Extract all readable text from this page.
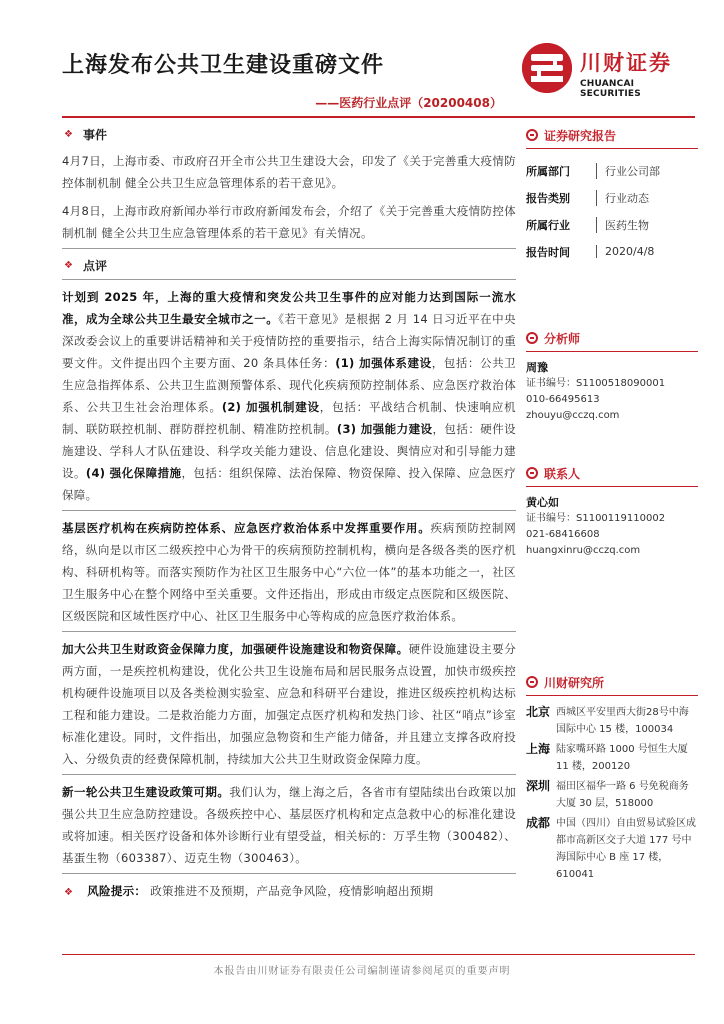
上海发布公共卫生建设重磅文件
——医药行业点评（20200408）
川财证券
CHUANCAI SECURITIES
❖ 事件
4月7日，上海市委、市政府召开全市公共卫生建设大会，印发了《关于完善重大疫情防控体制机制 健全公共卫生应急管理体系的若干意见》。
4月8日，上海市政府新闻办举行市政府新闻发布会，介绍了《关于完善重大疫情防控体制机制 健全公共卫生应急管理体系的若干意见》有关情况。
❖ 点评
计划到 2025 年，上海的重大疫情和突发公共卫生事件的应对能力达到国际一流水准，成为全球公共卫生最安全城市之一。《若干意见》是根据 2 月 14 日习近平在中央深改委会议上的重要讲话精神和关于疫情防控的重要指示，结合上海实际情况制订的重要文件。文件提出四个主要方面、20 条具体任务：(1) 加强体系建设，包括：公共卫生应急指挥体系、公共卫生监测预警体系、现代化疾病预防控制体系、应急医疗救治体系、公共卫生社会治理体系。(2) 加强机制建设，包括：平战结合机制、快速响应机制、联防联控机制、群防群控机制、精准防控机制。(3) 加强能力建设，包括：硬件设施建设、学科人才队伍建设、科学攻关能力建设、信息化建设、舆情应对和引导能力建设。(4) 强化保障措施，包括：组织保障、法治保障、物资保障、投入保障、应急医疗保障。
基层医疗机构在疾病防控体系、应急医疗救治体系中发挥重要作用。疾病预防控制网络，纵向是以市区二级疾控中心为骨干的疾病预防控制机构，横向是各级各类的医疗机构、科研机构等。而落实预防作为社区卫生服务中心“六位一体”的基本功能之一，社区卫生服务中心在整个网络中至关重要。文件还指出，形成由市级定点医院和区级医院、区级医院和区域性医疗中心、社区卫生服务中心等构成的应急医疗救治体系。
加大公共卫生财政资金保障力度，加强硬件设施建设和物资保障。硬件设施建设主要分两方面，一是疾控机构建设，优化公共卫生设施布局和居民服务点设置，加快市级疾控机构硬件设施项目以及各类检测实验室、应急和科研平台建设，推进区级疾控机构达标工程和能力建设。二是救治能力方面，加强定点医疗机构和发热门诊、社区“哨点”诊室标准化建设。同时，文件指出，加强应急物资和生产能力储备，并且建立支撑各政府投入、分级负责的经费保障机制，持续加大公共卫生财政资金保障力度。
新一轮公共卫生建设政策可期。我们认为，继上海之后，各省市有望陆续出台政策以加强公共卫生应急防控建设。各级疾控中心、基层医疗机构和定点急救中心的标准化建设或将加速。相关医疗设备和体外诊断行业有望受益，相关标的：万孚生物（300482）、基蛋生物（603387）、迈克生物（300463）。
❖ 风险提示： 政策推进不及预期，产品竞争风险，疫情影响超出预期
证券研究报告
所属部门	行业公司部
报告类别	行业动态
所属行业	医药生物
报告时间	2020/4/8
分析师
周豫
证书编号：S1100518090001
010-66495613
zhouyu@cczq.com
联系人
黄心如
证书编号：S1100119110002
021-68416608
huangxinru@cczq.com
川财研究所
北京 西城区平安里西大街28号中海国际中心 15 楼，100034
上海 陆家嘴环路 1000 号恒生大厦 11 楼，200120
深圳 福田区福华一路 6 号免税商务大厦 30 层，518000
成都 中国（四川）自由贸易试验区成都市高新区交子大道 177 号中海国际中心 B 座 17 楼，610041
本报告由川财证券有限责任公司编制谨请参阅尾页的重要声明
